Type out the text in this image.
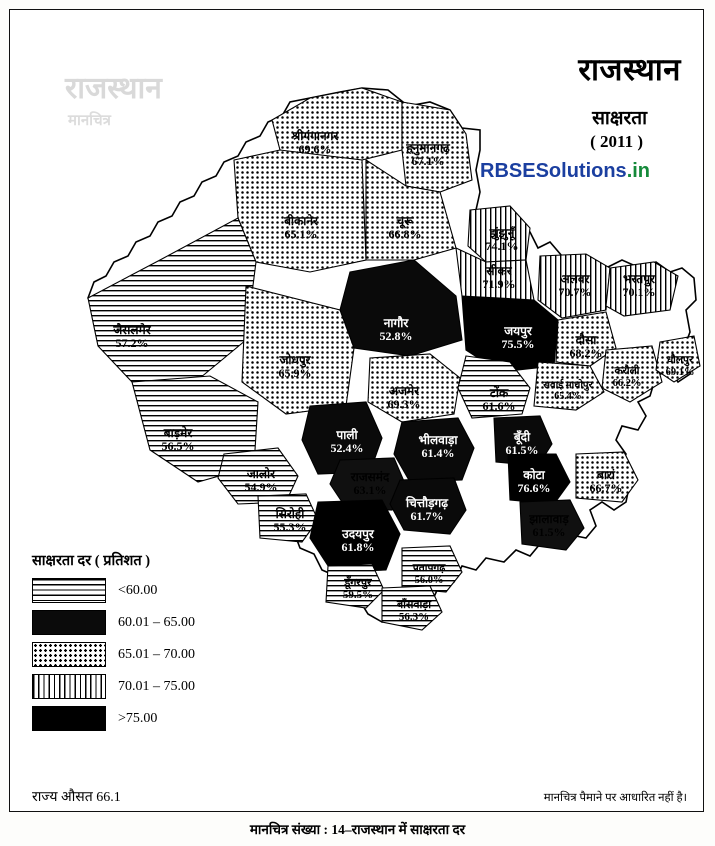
राजस्थान
मानचित्र
श्रीगंगानगर
69.6%	हनुमानगढ़
67.1%
बीकानेर
65.1%
चूरू
66.8%	झुंझुनूँ
74.1%
सीकर
71.9%	अलवर
70.7%
भरतपुर
70.1%
जैसलमेर
57.2%
नागौर
52.8%	जयपुर
75.5%	दौसा
68.2%
जोधपुर
65.9%	करौली
66.2%
धौलपुर
69.1%
अजमेर
69.3%
टोंक
61.6%
सवाई माधोपुर
65.4%
बाड़मेर
56.5%
पाली
52.4%
भीलवाड़ा
61.4%
बूँदी
61.5%
जालोर
54.9%
राजसमंद
63.1%
कोटा
76.6%
बारां
66.7%
सिरोही
55.3%
चित्तौड़गढ़
61.7%	झालावाड़
61.5%
उदयपुर
61.8%
प्रतापगढ़
56.0%
डूँगरपुर
59.5%
बाँसवाड़ा
56.3%
राजस्थान
साक्षरता
( 2011 )
RBSESolutions.in
साक्षरता दर ( प्रतिशत )
<60.00
60.01 – 65.00
65.01 – 70.00
70.01 – 75.00
>75.00
राज्य औसत 66.1	मानचित्र पैमाने पर आधारित नहीं है।
मानचित्र संख्या : 14–राजस्थान में साक्षरता दर
